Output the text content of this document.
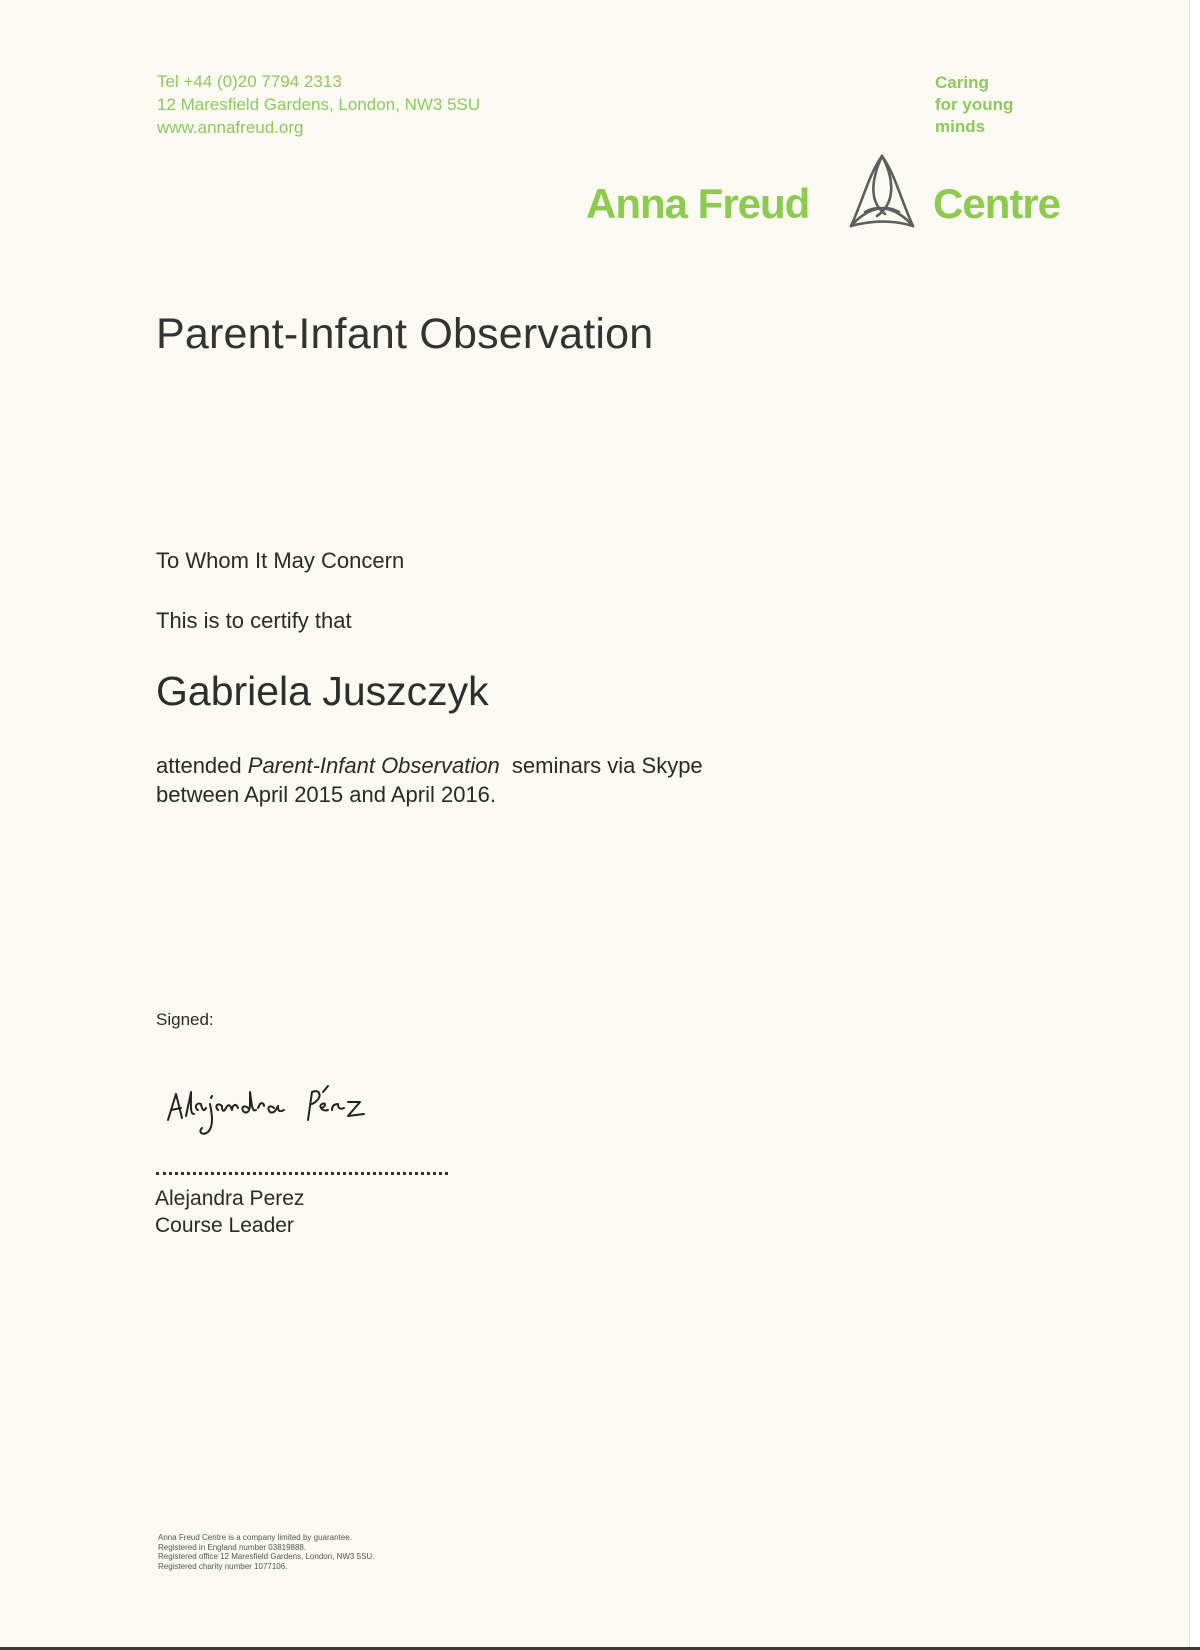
Tel +44 (0)20 7794 2313
12 Maresfield Gardens, London, NW3 5SU
www.annafreud.org
Caring
for young
minds
Anna Freud	Centre
Parent-Infant Observation
To Whom It May Concern
This is to certify that
Gabriela Juszczyk
attended Parent-Infant Observation seminars via Skype
between April 2015 and April 2016.
Signed:
Alejandra Perez
Course Leader
Anna Freud Centre is a company limited by guarantee.
Registered in England number 03819888.
Registered office 12 Maresfield Gardens, London, NW3 5SU.
Registered charity number 1077106.
